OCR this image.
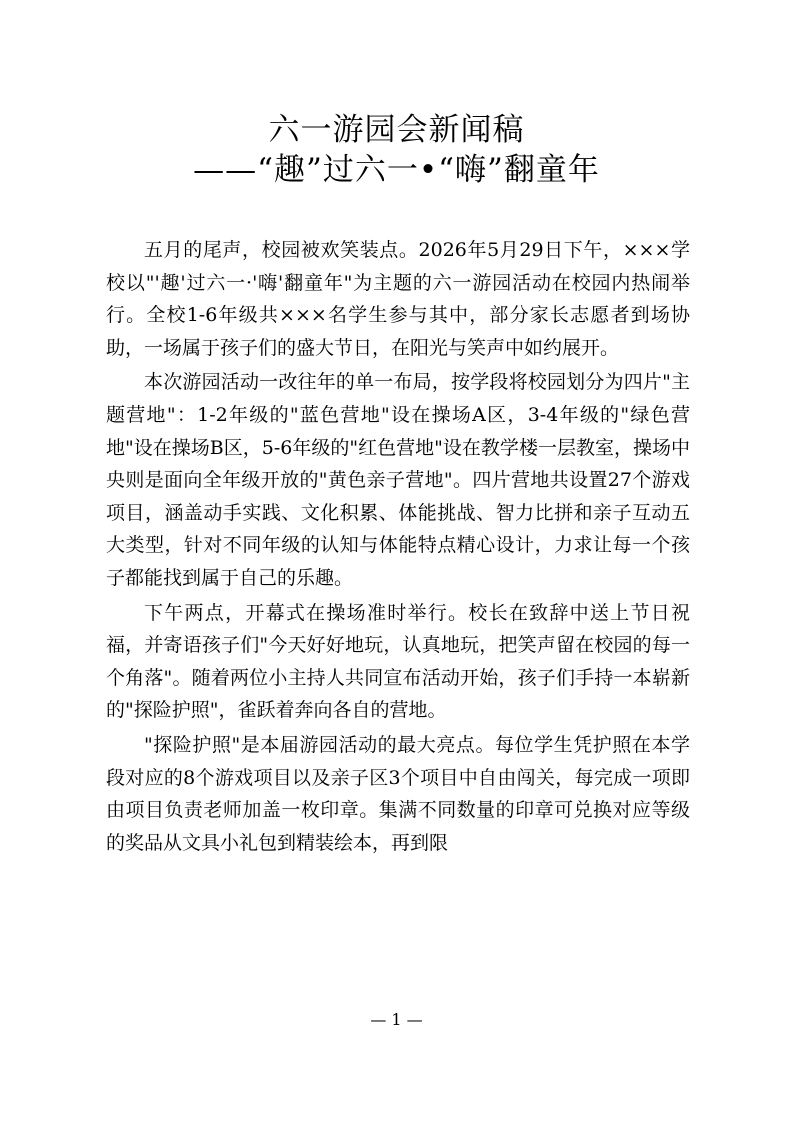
六一游园会新闻稿
——“趣”过六一•“嗨”翻童年

五月的尾声，校园被欢笑装点。2026年5月29日下午，×××学校以"'趣'过六一·'嗨'翻童年"为主题的六一游园活动在校园内热闹举行。全校1-6年级共×××名学生参与其中，部分家长志愿者到场协助，一场属于孩子们的盛大节日，在阳光与笑声中如约展开。

本次游园活动一改往年的单一布局，按学段将校园划分为四片"主题营地"：1-2年级的"蓝色营地"设在操场A区，3-4年级的"绿色营地"设在操场B区，5-6年级的"红色营地"设在教学楼一层教室，操场中央则是面向全年级开放的"黄色亲子营地"。四片营地共设置27个游戏项目，涵盖动手实践、文化积累、体能挑战、智力比拼和亲子互动五大类型，针对不同年级的认知与体能特点精心设计，力求让每一个孩子都能找到属于自己的乐趣。

下午两点，开幕式在操场准时举行。校长在致辞中送上节日祝福，并寄语孩子们"今天好好地玩，认真地玩，把笑声留在校园的每一个角落"。随着两位小主持人共同宣布活动开始，孩子们手持一本崭新的"探险护照"，雀跃着奔向各自的营地。

"探险护照"是本届游园活动的最大亮点。每位学生凭护照在本学段对应的8个游戏项目以及亲子区3个项目中自由闯关，每完成一项即由项目负责老师加盖一枚印章。集满不同数量的印章可兑换对应等级的奖品从文具小礼包到精装绘本，再到限

— 1 —
